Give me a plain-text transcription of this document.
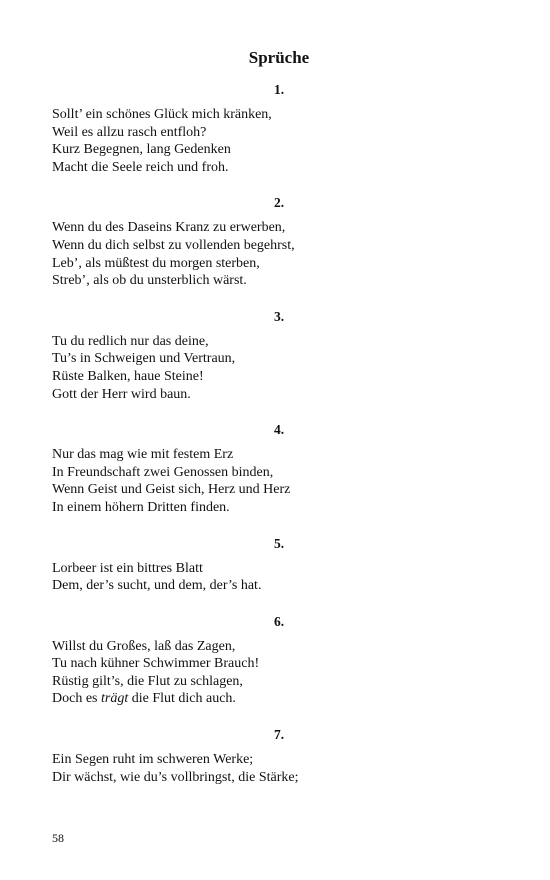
Sprüche
1.
Sollt’ ein schönes Glück mich kränken,
Weil es allzu rasch entfloh?
Kurz Begegnen, lang Gedenken
Macht die Seele reich und froh.
2.
Wenn du des Daseins Kranz zu erwerben,
Wenn du dich selbst zu vollenden begehrst,
Leb’, als müßtest du morgen sterben,
Streb’, als ob du unsterblich wärst.
3.
Tu du redlich nur das deine,
Tu’s in Schweigen und Vertraun,
Rüste Balken, haue Steine!
Gott der Herr wird baun.
4.
Nur das mag wie mit festem Erz
In Freundschaft zwei Genossen binden,
Wenn Geist und Geist sich, Herz und Herz
In einem höhern Dritten finden.
5.
Lorbeer ist ein bittres Blatt
Dem, der’s sucht, und dem, der’s hat.
6.
Willst du Großes, laß das Zagen,
Tu nach kühner Schwimmer Brauch!
Rüstig gilt’s, die Flut zu schlagen,
Doch es trägt die Flut dich auch.
7.
Ein Segen ruht im schweren Werke;
Dir wächst, wie du’s vollbringst, die Stärke;
58
